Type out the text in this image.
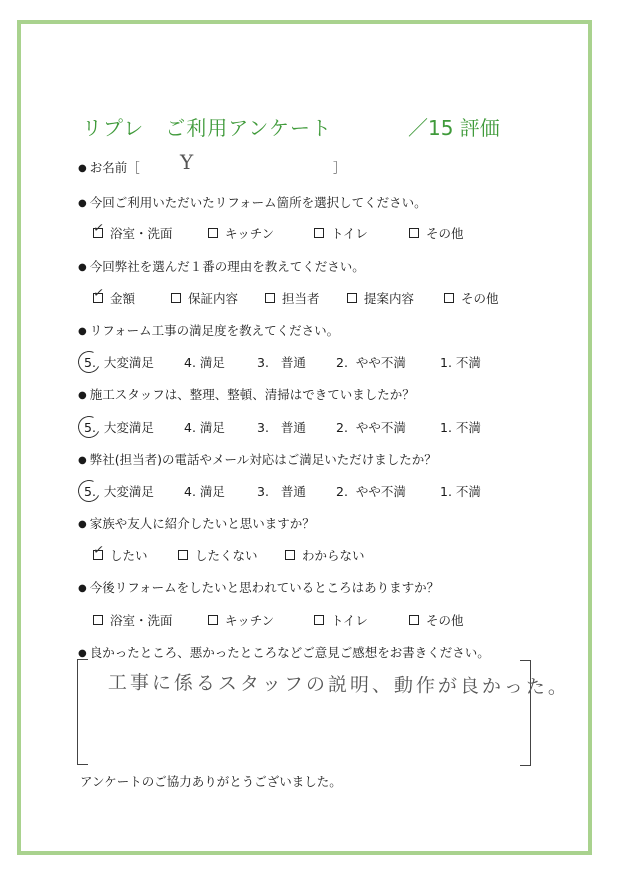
リプレ　ご利用アンケート	／15 評価
● お名前［ Y	］
● 今回ご利用いただいたリフォーム箇所を選択してください。
✓ 浴室・洗面	キッチン	トイレ	その他
● 今回弊社を選んだ１番の理由を教えてください。
✓ 金額	保証内容	担当者	提案内容	その他
● リフォーム工事の満足度を教えてください。
5. 大変満足 4. 満足	3. 普通 2. やや不満	1. 不満
● 施工スタッフは、整理、整頓、清掃はできていましたか？
5. 大変満足 4. 満足	3. 普通 2. やや不満	1. 不満
● 弊社(担当者)の電話やメール対応はご満足いただけましたか？
5. 大変満足 4. 満足	3. 普通 2. やや不満	1. 不満
● 家族や友人に紹介したいと思いますか？
✓ したい	したくない	わからない
● 今後リフォームをしたいと思われているところはありますか？
浴室・洗面	キッチン	トイレ	その他
● 良かったところ、悪かったところなどご意見ご感想をお書きください。
工事に係るスタッフの説明、動作が良かった。
アンケートのご協力ありがとうございました。
